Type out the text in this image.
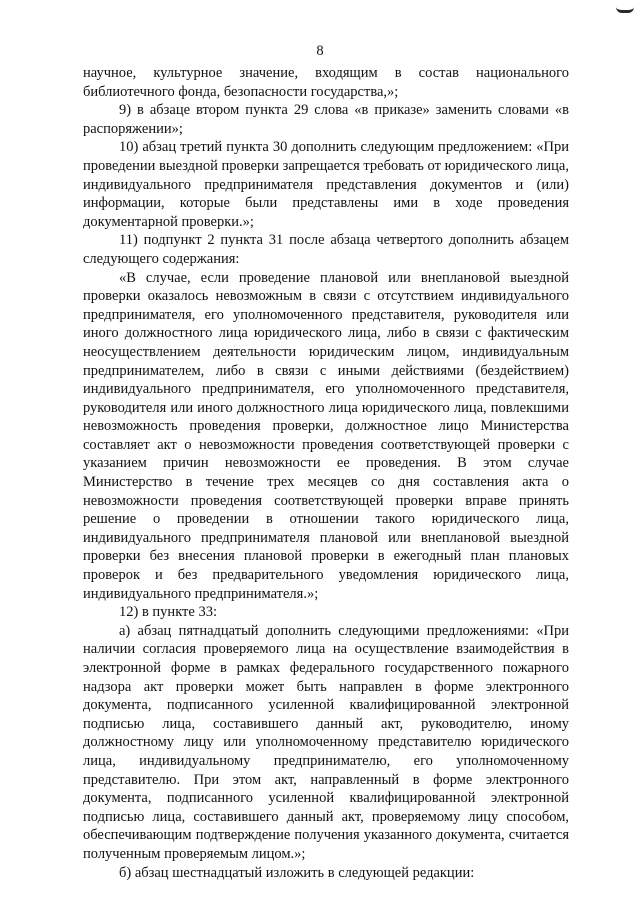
8

научное, культурное значение, входящим в состав национального библиотечного фонда, безопасности государства,»;

9) в абзаце втором пункта 29 слова «в приказе» заменить словами «в распоряжении»;

10) абзац третий пункта 30 дополнить следующим предложением: «При проведении выездной проверки запрещается требовать от юридического лица, индивидуального предпринимателя представления документов и (или) информации, которые были представлены ими в ходе проведения документарной проверки.»;

11) подпункт 2 пункта 31 после абзаца четвертого дополнить абзацем следующего содержания:

«В случае, если проведение плановой или внеплановой выездной проверки оказалось невозможным в связи с отсутствием индивидуального предпринимателя, его уполномоченного представителя, руководителя или иного должностного лица юридического лица, либо в связи с фактическим неосуществлением деятельности юридическим лицом, индивидуальным предпринимателем, либо в связи с иными действиями (бездействием) индивидуального предпринимателя, его уполномоченного представителя, руководителя или иного должностного лица юридического лица, повлекшими невозможность проведения проверки, должностное лицо Министерства составляет акт о невозможности проведения соответствующей проверки с указанием причин невозможности ее проведения. В этом случае Министерство в течение трех месяцев со дня составления акта о невозможности проведения соответствующей проверки вправе принять решение о проведении в отношении такого юридического лица, индивидуального предпринимателя плановой или внеплановой выездной проверки без внесения плановой проверки в ежегодный план плановых проверок и без предварительного уведомления юридического лица, индивидуального предпринимателя.»;

12) в пункте 33:

а) абзац пятнадцатый дополнить следующими предложениями: «При наличии согласия проверяемого лица на осуществление взаимодействия в электронной форме в рамках федерального государственного пожарного надзора акт проверки может быть направлен в форме электронного документа, подписанного усиленной квалифицированной электронной подписью лица, составившего данный акт, руководителю, иному должностному лицу или уполномоченному представителю юридического лица, индивидуальному предпринимателю, его уполномоченному представителю. При этом акт, направленный в форме электронного документа, подписанного усиленной квалифицированной электронной подписью лица, составившего данный акт, проверяемому лицу способом, обеспечивающим подтверждение получения указанного документа, считается полученным проверяемым лицом.»;

б) абзац шестнадцатый изложить в следующей редакции:
